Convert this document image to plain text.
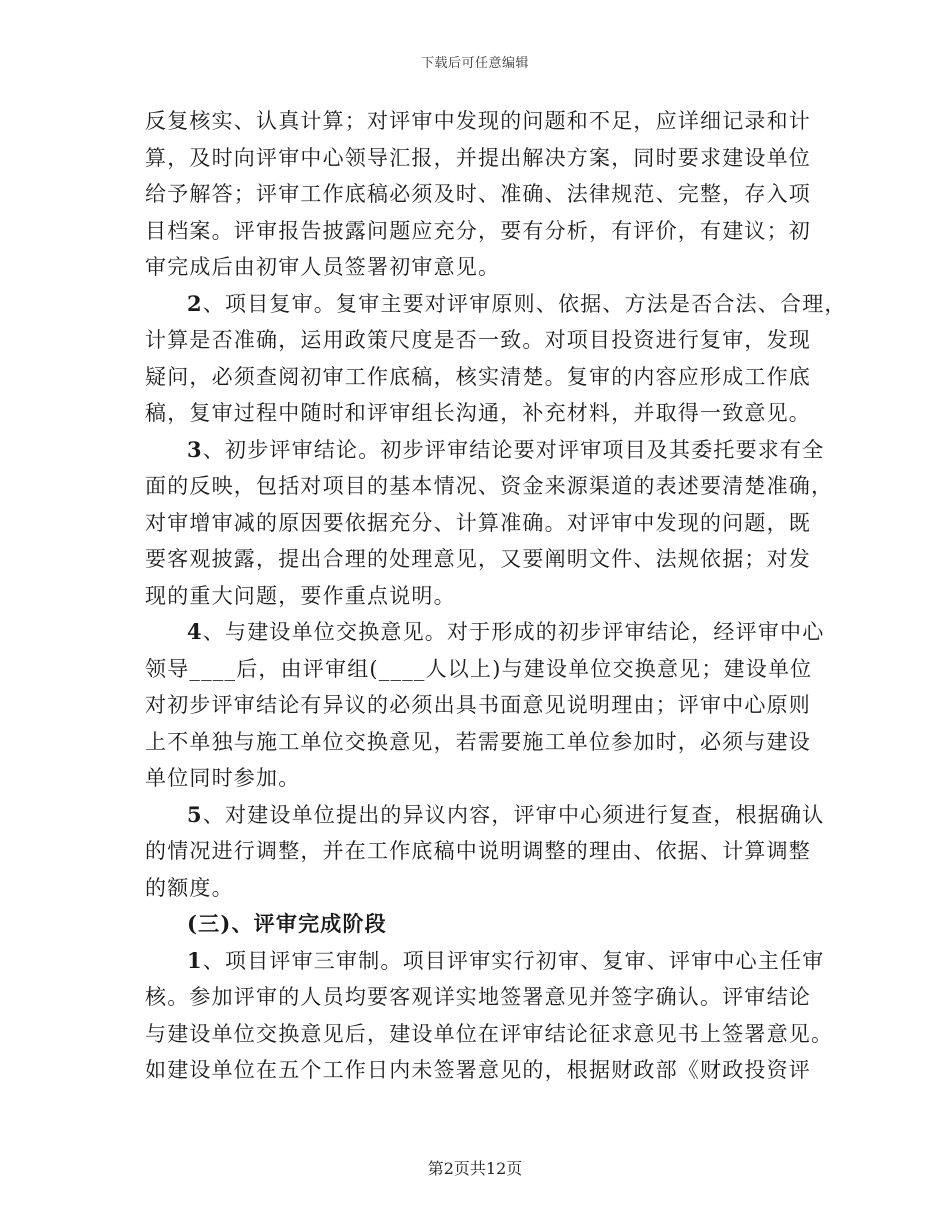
下载后可任意编辑

反复核实、认真计算；对评审中发现的问题和不足，应详细记录和计
算，及时向评审中心领导汇报，并提出解决方案，同时要求建设单位
给予解答；评审工作底稿必须及时、准确、法律规范、完整，存入项
目档案。评审报告披露问题应充分，要有分析，有评价，有建议；初
审完成后由初审人员签署初审意见。

2、项目复审。复审主要对评审原则、依据、方法是否合法、合理，
计算是否准确，运用政策尺度是否一致。对项目投资进行复审，发现
疑问，必须查阅初审工作底稿，核实清楚。复审的内容应形成工作底
稿，复审过程中随时和评审组长沟通，补充材料，并取得一致意见。

3、初步评审结论。初步评审结论要对评审项目及其委托要求有全
面的反映，包括对项目的基本情况、资金来源渠道的表述要清楚准确，
对审增审减的原因要依据充分、计算准确。对评审中发现的问题，既
要客观披露，提出合理的处理意见，又要阐明文件、法规依据；对发
现的重大问题，要作重点说明。

4、与建设单位交换意见。对于形成的初步评审结论，经评审中心
领导____后，由评审组(____人以上)与建设单位交换意见；建设单位
对初步评审结论有异议的必须出具书面意见说明理由；评审中心原则
上不单独与施工单位交换意见，若需要施工单位参加时，必须与建设
单位同时参加。

5、对建设单位提出的异议内容，评审中心须进行复查，根据确认
的情况进行调整，并在工作底稿中说明调整的理由、依据、计算调整
的额度。

(三)、评审完成阶段

1、项目评审三审制。项目评审实行初审、复审、评审中心主任审
核。参加评审的人员均要客观详实地签署意见并签字确认。评审结论
与建设单位交换意见后，建设单位在评审结论征求意见书上签署意见。
如建设单位在五个工作日内未签署意见的，根据财政部《财政投资评

第2页共12页
